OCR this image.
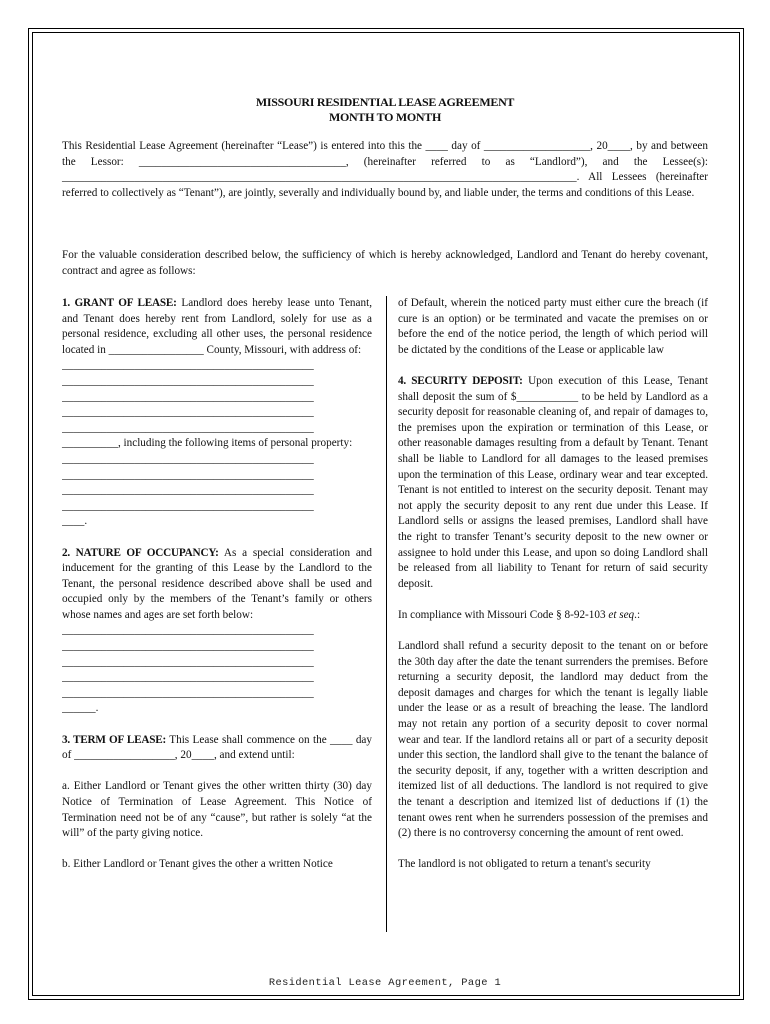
MISSOURI RESIDENTIAL LEASE AGREEMENT
MONTH TO MONTH

This Residential Lease Agreement (hereinafter “Lease”) is entered into this the ____ day of ___________________, 20____, by and between the Lessor: _____________________________________, (hereinafter referred to as “Landlord”), and the Lessee(s): ____________________________________________________________________________________________. All Lessees (hereinafter referred to collectively as “Tenant”), are jointly, severally and individually bound by, and liable under, the terms and conditions of this Lease.

For the valuable consideration described below, the sufficiency of which is hereby acknowledged, Landlord and Tenant do hereby covenant, contract and agree as follows:

1. GRANT OF LEASE: Landlord does hereby lease unto Tenant, and Tenant does hereby rent from Landlord, solely for use as a personal residence, excluding all other uses, the personal residence located in _________________ County, Missouri, with address of:

_____________________________________________

_____________________________________________

_____________________________________________

_____________________________________________

_____________________________________________

__________, including the following items of personal property:

_____________________________________________

_____________________________________________

_____________________________________________

_____________________________________________

____.

2. NATURE OF OCCUPANCY: As a special consideration and inducement for the granting of this Lease by the Landlord to the Tenant, the personal residence described above shall be used and occupied only by the members of the Tenant’s family or others whose names and ages are set forth below:

_____________________________________________

_____________________________________________

_____________________________________________

_____________________________________________

_____________________________________________

______.

3. TERM OF LEASE: This Lease shall commence on the ____ day of __________________, 20____, and extend until:

a. Either Landlord or Tenant gives the other written thirty (30) day Notice of Termination of Lease Agreement. This Notice of Termination need not be of any “cause”, but rather is solely “at the will” of the party giving notice.

b. Either Landlord or Tenant gives the other a written Notice

of Default, wherein the noticed party must either cure the breach (if cure is an option) or be terminated and vacate the premises on or before the end of the notice period, the length of which period will be dictated by the conditions of the Lease or applicable law

4. SECURITY DEPOSIT: Upon execution of this Lease, Tenant shall deposit the sum of $___________ to be held by Landlord as a security deposit for reasonable cleaning of, and repair of damages to, the premises upon the expiration or termination of this Lease, or other reasonable damages resulting from a default by Tenant. Tenant shall be liable to Landlord for all damages to the leased premises upon the termination of this Lease, ordinary wear and tear excepted. Tenant is not entitled to interest on the security deposit. Tenant may not apply the security deposit to any rent due under this Lease. If Landlord sells or assigns the leased premises, Landlord shall have the right to transfer Tenant’s security deposit to the new owner or assignee to hold under this Lease, and upon so doing Landlord shall be released from all liability to Tenant for return of said security deposit.

In compliance with Missouri Code § 8-92-103 et seq.:

Landlord shall refund a security deposit to the tenant on or before the 30th day after the date the tenant surrenders the premises. Before returning a security deposit, the landlord may deduct from the deposit damages and charges for which the tenant is legally liable under the lease or as a result of breaching the lease. The landlord may not retain any portion of a security deposit to cover normal wear and tear. If the landlord retains all or part of a security deposit under this section, the landlord shall give to the tenant the balance of the security deposit, if any, together with a written description and itemized list of all deductions. The landlord is not required to give the tenant a description and itemized list of deductions if (1) the tenant owes rent when he surrenders possession of the premises and (2) there is no controversy concerning the amount of rent owed.

The landlord is not obligated to return a tenant's security

Residential Lease Agreement, Page 1
